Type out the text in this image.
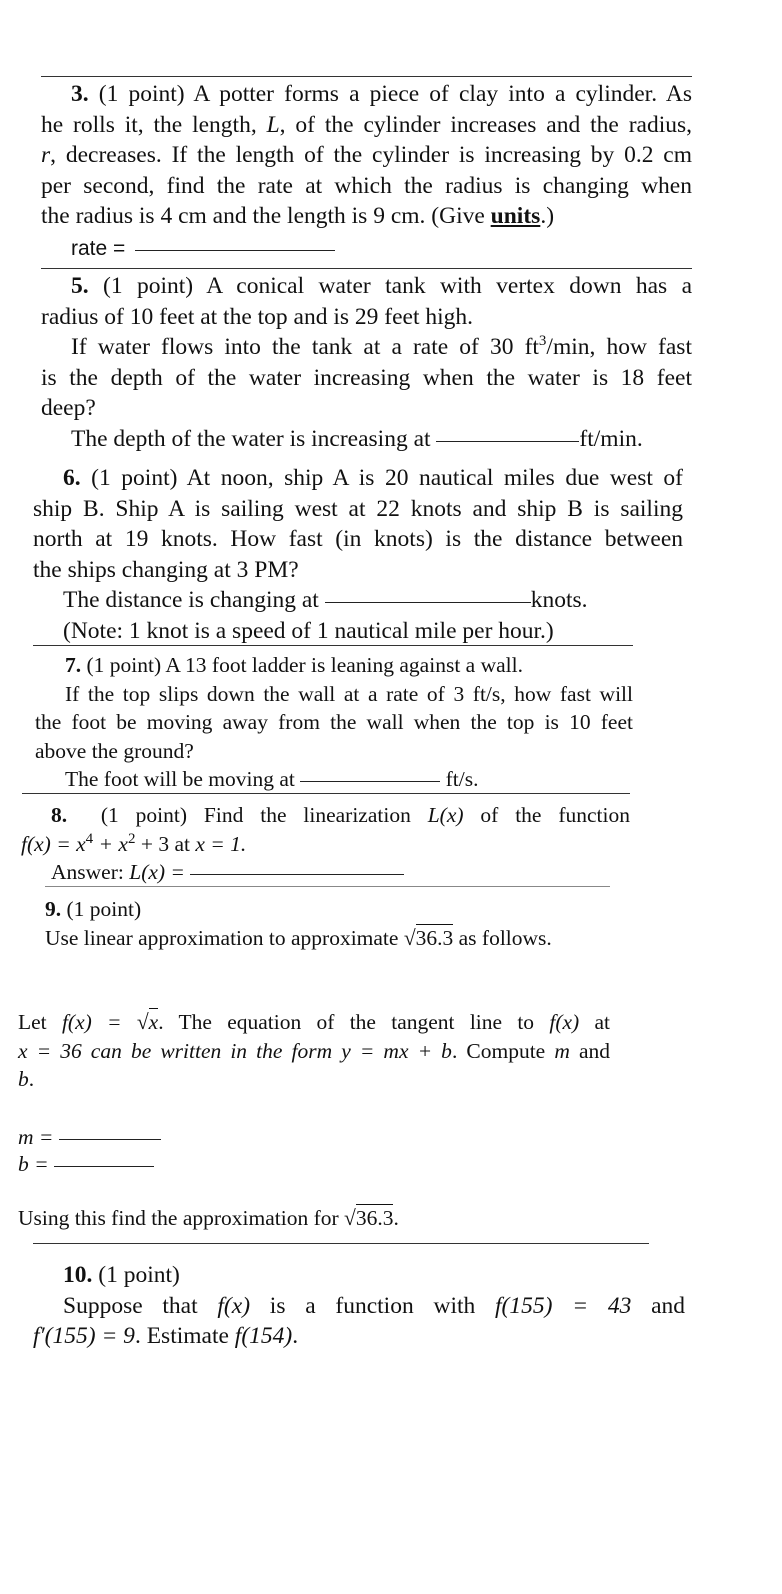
3. (1 point) A potter forms a piece of clay into a cylinder. As
he rolls it, the length, L, of the cylinder increases and the radius,
r, decreases. If the length of the cylinder is increasing by 0.2 cm
per second, find the rate at which the radius is changing when
the radius is 4 cm and the length is 9 cm. (Give units.)
rate =
5. (1 point) A conical water tank with vertex down has a
radius of 10 feet at the top and is 29 feet high.
If water flows into the tank at a rate of 30 $ft^3/\min$, how fast
is the depth of the water increasing when the water is 18 feet
deep?
The depth of the water is increasing at	ft/min.
6. (1 point) At noon, ship A is 20 nautical miles due west of
ship B. Ship A is sailing west at 22 knots and ship B is sailing
north at 19 knots. How fast (in knots) is the distance between
the ships changing at 3 PM?
The distance is changing at	knots.
(Note: 1 knot is a speed of 1 nautical mile per hour.)
7. (1 point) A 13 foot ladder is leaning against a wall.
If the top slips down the wall at a rate of 3 ft/s, how fast will
the foot be moving away from the wall when the top is 10 feet
above the ground?
The foot will be moving at	ft/s.
8. (1 point) Find the linearization L(x) of the function
$f(x) = x^4 + x^2 + 3$ at x = 1.
Answer: L(x) =
9. (1 point)
Use linear approximation to approximate √36.3 as follows.
Let f(x) = √x. The equation of the tangent line to f(x) at
x = 36 can be written in the form y = mx + b. Compute m and
b.
m =
b =
Using this find the approximation for √36.3.
10. (1 point)
Suppose that f(x) is a function with f(155) = 43 and
f′(155) = 9. Estimate f(154).
